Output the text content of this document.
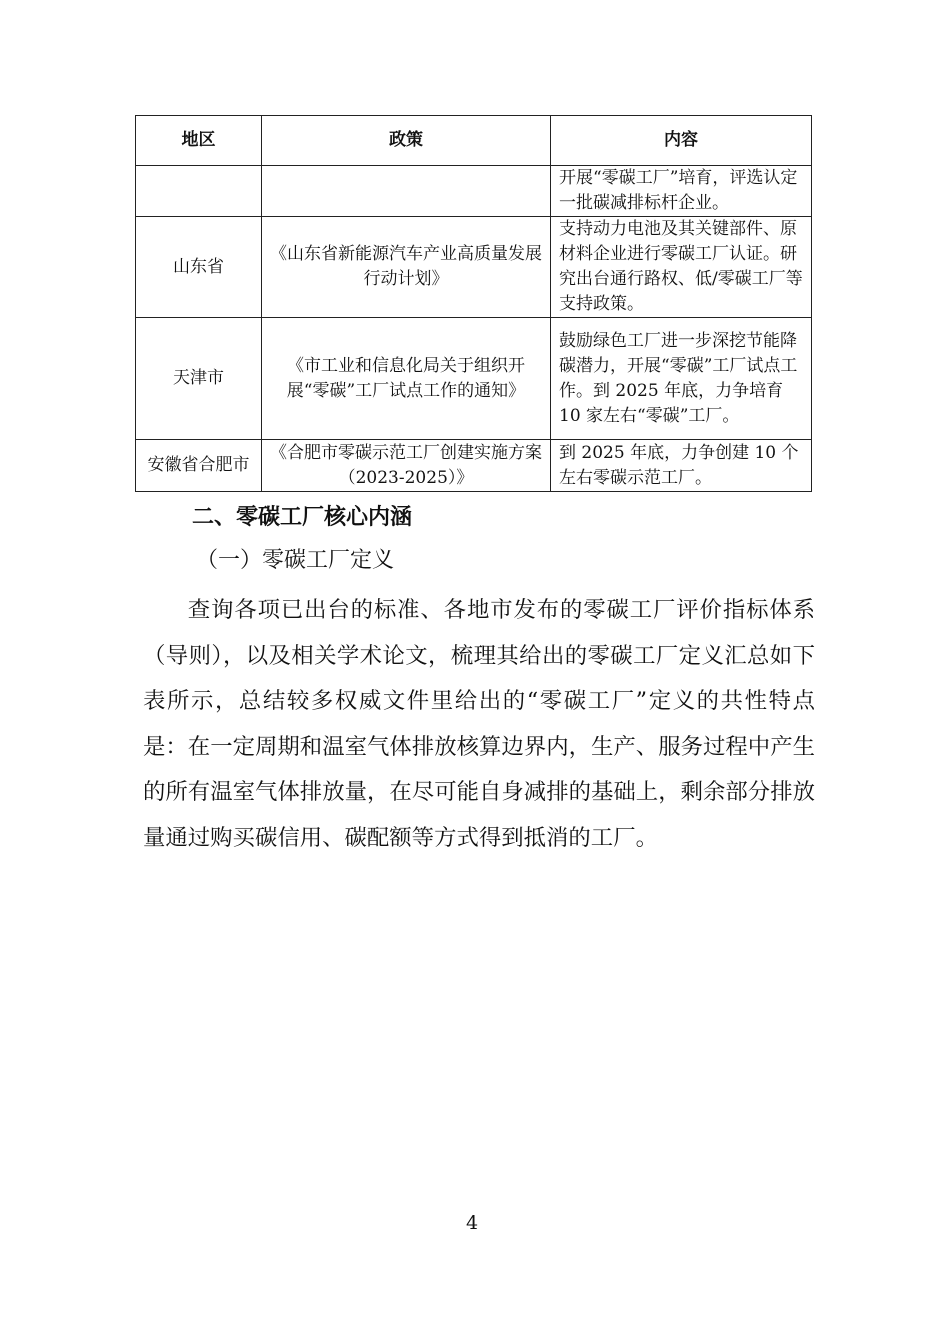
地区	政策	内容
		开展“零碳工厂”培育，评选认定一批碳减排标杆企业。
山东省	《山东省新能源汽车产业高质量发展行动计划》	支持动力电池及其关键部件、原材料企业进行零碳工厂认证。研究出台通行路权、低/零碳工厂等支持政策。
天津市	《市工业和信息化局关于组织开展“零碳”工厂试点工作的通知》	鼓励绿色工厂进一步深挖节能降碳潜力，开展“零碳”工厂试点工作。到 2025 年底，力争培育 10 家左右“零碳”工厂。
安徽省合肥市	《合肥市零碳示范工厂创建实施方案（2023-2025）》	到 2025 年底，力争创建 10 个左右零碳示范工厂。
二、零碳工厂核心内涵
（一）零碳工厂定义

查询各项已出台的标准、各地市发布的零碳工厂评价指标体系（导则），以及相关学术论文，梳理其给出的零碳工厂定义汇总如下表所示，总结较多权威文件里给出的“零碳工厂”定义的共性特点是：在一定周期和温室气体排放核算边界内，生产、服务过程中产生的所有温室气体排放量，在尽可能自身减排的基础上，剩余部分排放量通过购买碳信用、碳配额等方式得到抵消的工厂。

4
